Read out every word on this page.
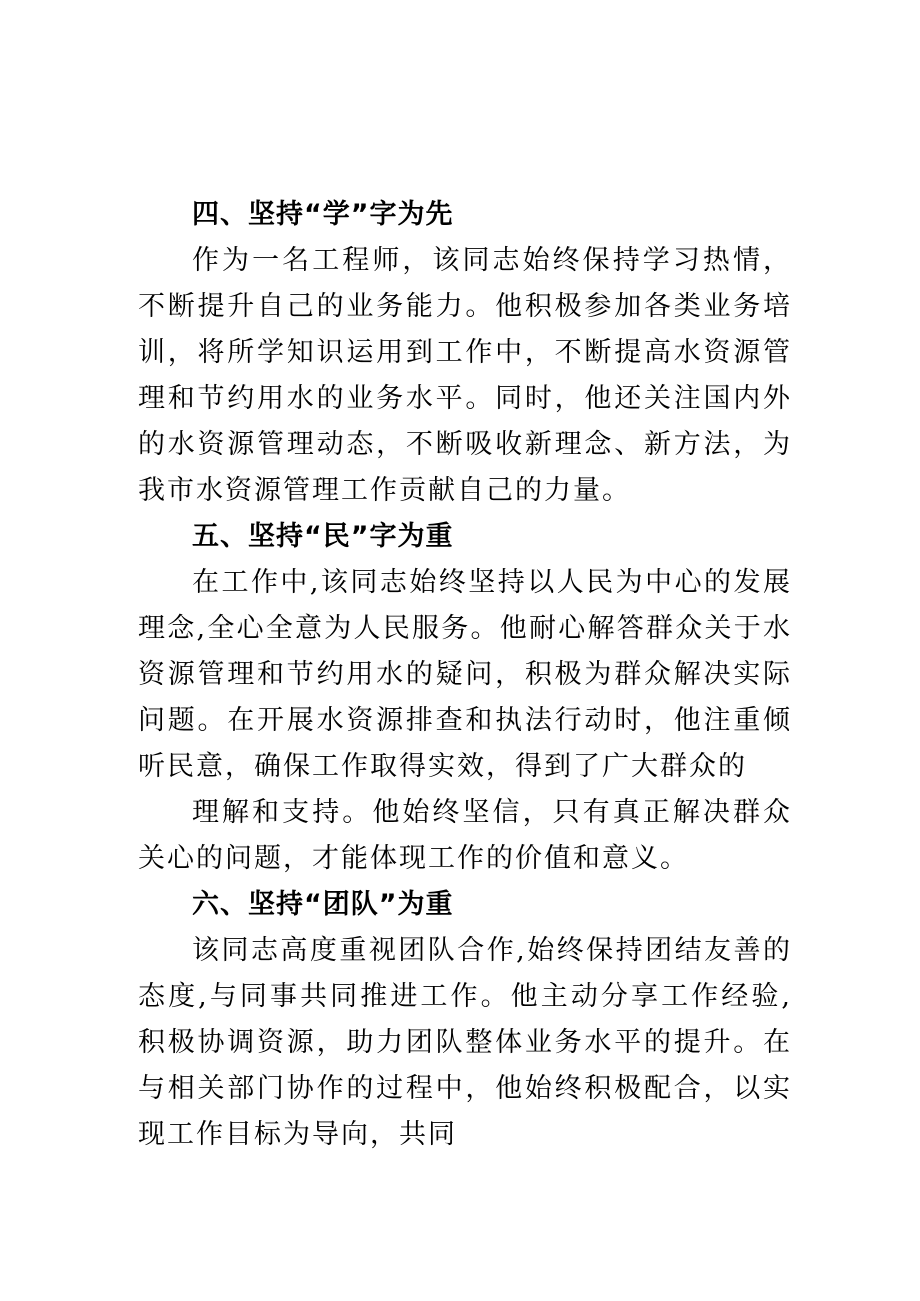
四、坚持“学”字为先

作为一名工程师，该同志始终保持学习热情，不断提升自己的业务能力。他积极参加各类业务培训，将所学知识运用到工作中，不断提高水资源管理和节约用水的业务水平。同时，他还关注国内外的水资源管理动态，不断吸收新理念、新方法，为我市水资源管理工作贡献自己的力量。

五、坚持“民”字为重

在工作中,该同志始终坚持以人民为中心的发展理念,全心全意为人民服务。他耐心解答群众关于水资源管理和节约用水的疑问，积极为群众解决实际问题。在开展水资源排查和执法行动时，他注重倾听民意，确保工作取得实效，得到了广大群众的

理解和支持。他始终坚信，只有真正解决群众关心的问题，才能体现工作的价值和意义。

六、坚持“团队”为重

该同志高度重视团队合作,始终保持团结友善的态度,与同事共同推进工作。他主动分享工作经验,积极协调资源，助力团队整体业务水平的提升。在与相关部门协作的过程中，他始终积极配合，以实现工作目标为导向，共同
